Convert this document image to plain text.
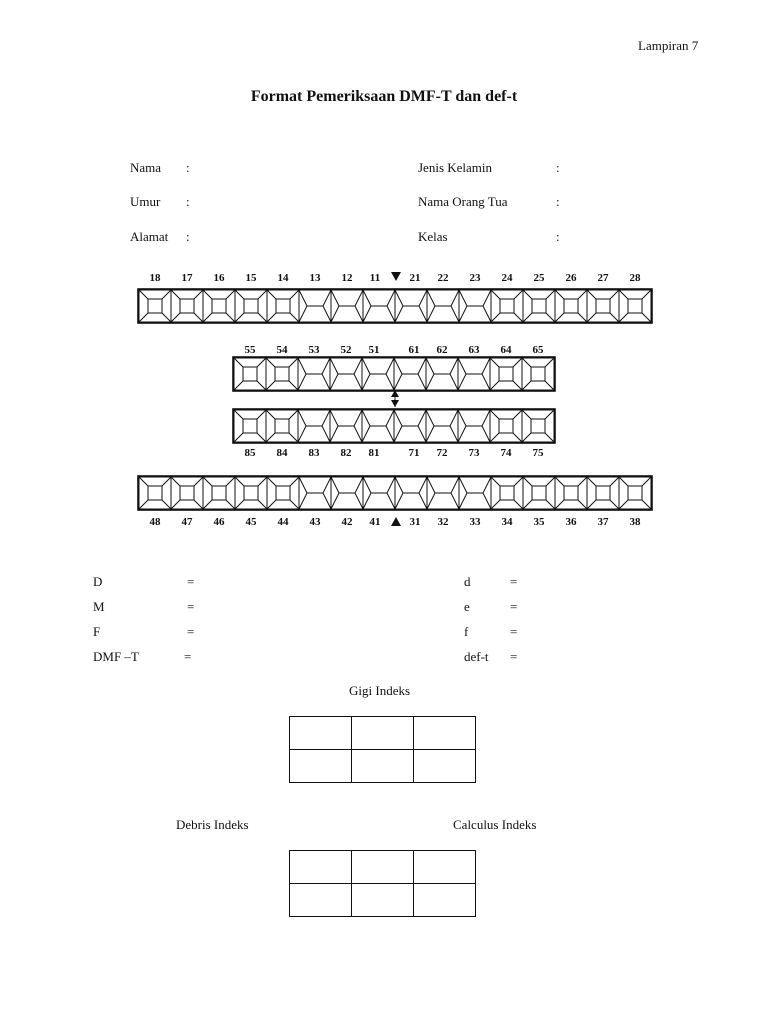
Lampiran 7
Format Pemeriksaan DMF-T dan def-t
Nama :
Umur :
Alamat :
Jenis Kelamin	:
Nama Orang Tua	:
Kelas	:
18 17 16 15 14 13 12 11	21 22 23 24 25 26 27 28
55 54 53 52 51	61 62 63 64 65
85 84 83 82 81	71 72 73 74 75
48 47 46 45 44 43 42 41	31 32 33 34 35 36 37 38
D	=
M	=
F	=
DMF –T	=
d	=
e	=
f	=
def-t =
Gigi Indeks

Debris Indeks	Calculus Indeks
